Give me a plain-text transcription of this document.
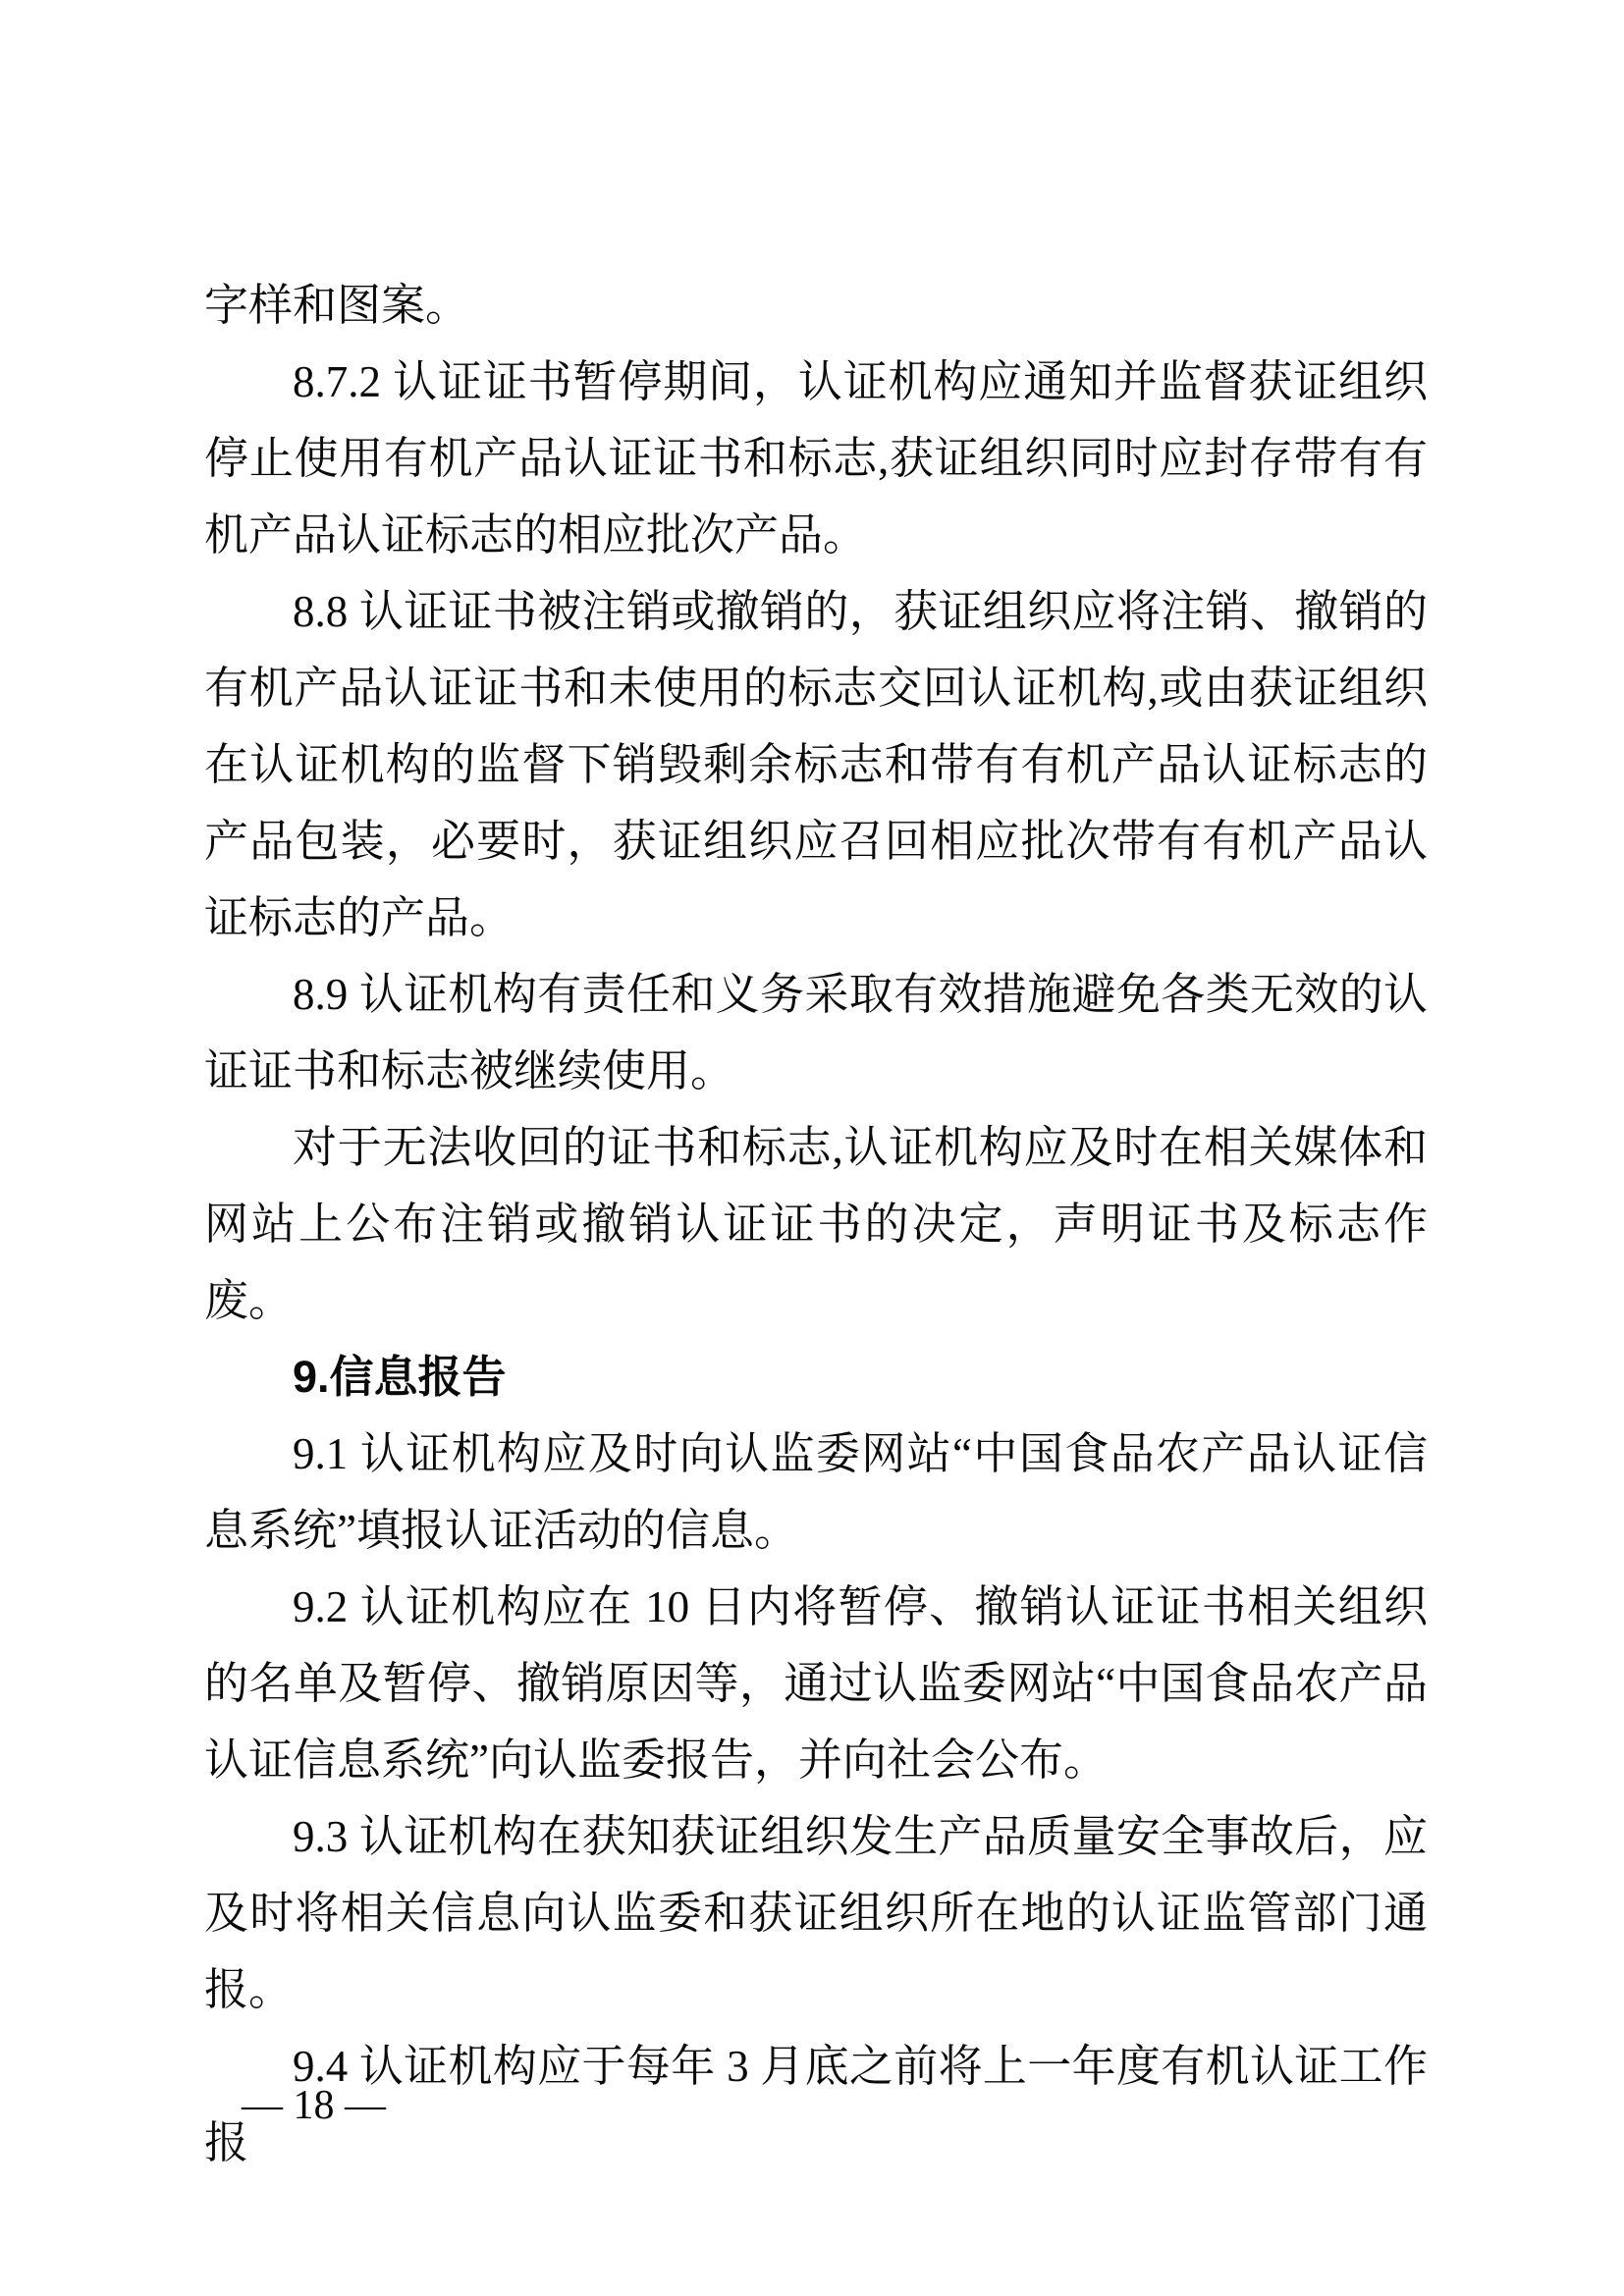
字样和图案。

8.7.2 认证证书暂停期间，认证机构应通知并监督获证组织停止使用有机产品认证证书和标志,获证组织同时应封存带有有机产品认证标志的相应批次产品。

8.8 认证证书被注销或撤销的，获证组织应将注销、撤销的有机产品认证证书和未使用的标志交回认证机构,或由获证组织在认证机构的监督下销毁剩余标志和带有有机产品认证标志的产品包装，必要时，获证组织应召回相应批次带有有机产品认证标志的产品。

8.9 认证机构有责任和义务采取有效措施避免各类无效的认证证书和标志被继续使用。

对于无法收回的证书和标志,认证机构应及时在相关媒体和网站上公布注销或撤销认证证书的决定，声明证书及标志作废。

9.信息报告

9.1 认证机构应及时向认监委网站“中国食品农产品认证信息系统”填报认证活动的信息。

9.2 认证机构应在 10 日内将暂停、撤销认证证书相关组织的名单及暂停、撤销原因等，通过认监委网站“中国食品农产品认证信息系统”向认监委报告，并向社会公布。

9.3 认证机构在获知获证组织发生产品质量安全事故后，应及时将相关信息向认监委和获证组织所在地的认证监管部门通报。

9.4 认证机构应于每年 3 月底之前将上一年度有机认证工作报

— 18 —
